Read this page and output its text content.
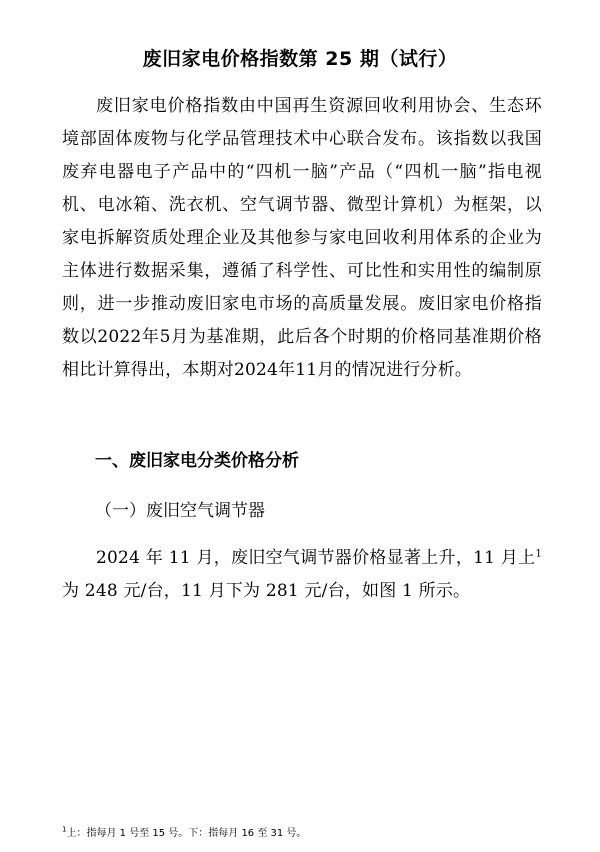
废旧家电价格指数第 25 期（试行）
废旧家电价格指数由中国再生资源回收利用协会、生态环境部固体废物与化学品管理技术中心联合发布。该指数以我国废弃电器电子产品中的“四机一脑”产品（“四机一脑”指电视机、电冰箱、洗衣机、空气调节器、微型计算机）为框架，以家电拆解资质处理企业及其他参与家电回收利用体系的企业为主体进行数据采集，遵循了科学性、可比性和实用性的编制原则，进一步推动废旧家电市场的高质量发展。废旧家电价格指数以2022年5月为基准期，此后各个时期的价格同基准期价格相比计算得出，本期对2024年11月的情况进行分析。
一、废旧家电分类价格分析
（一）废旧空气调节器
2024 年 11 月，废旧空气调节器价格显著上升，11 月上$^1$为 248 元/台，11 月下为 281 元/台，如图 1 所示。
$^1$上：指每月 1 号至 15 号。下：指每月 16 至 31 号。
